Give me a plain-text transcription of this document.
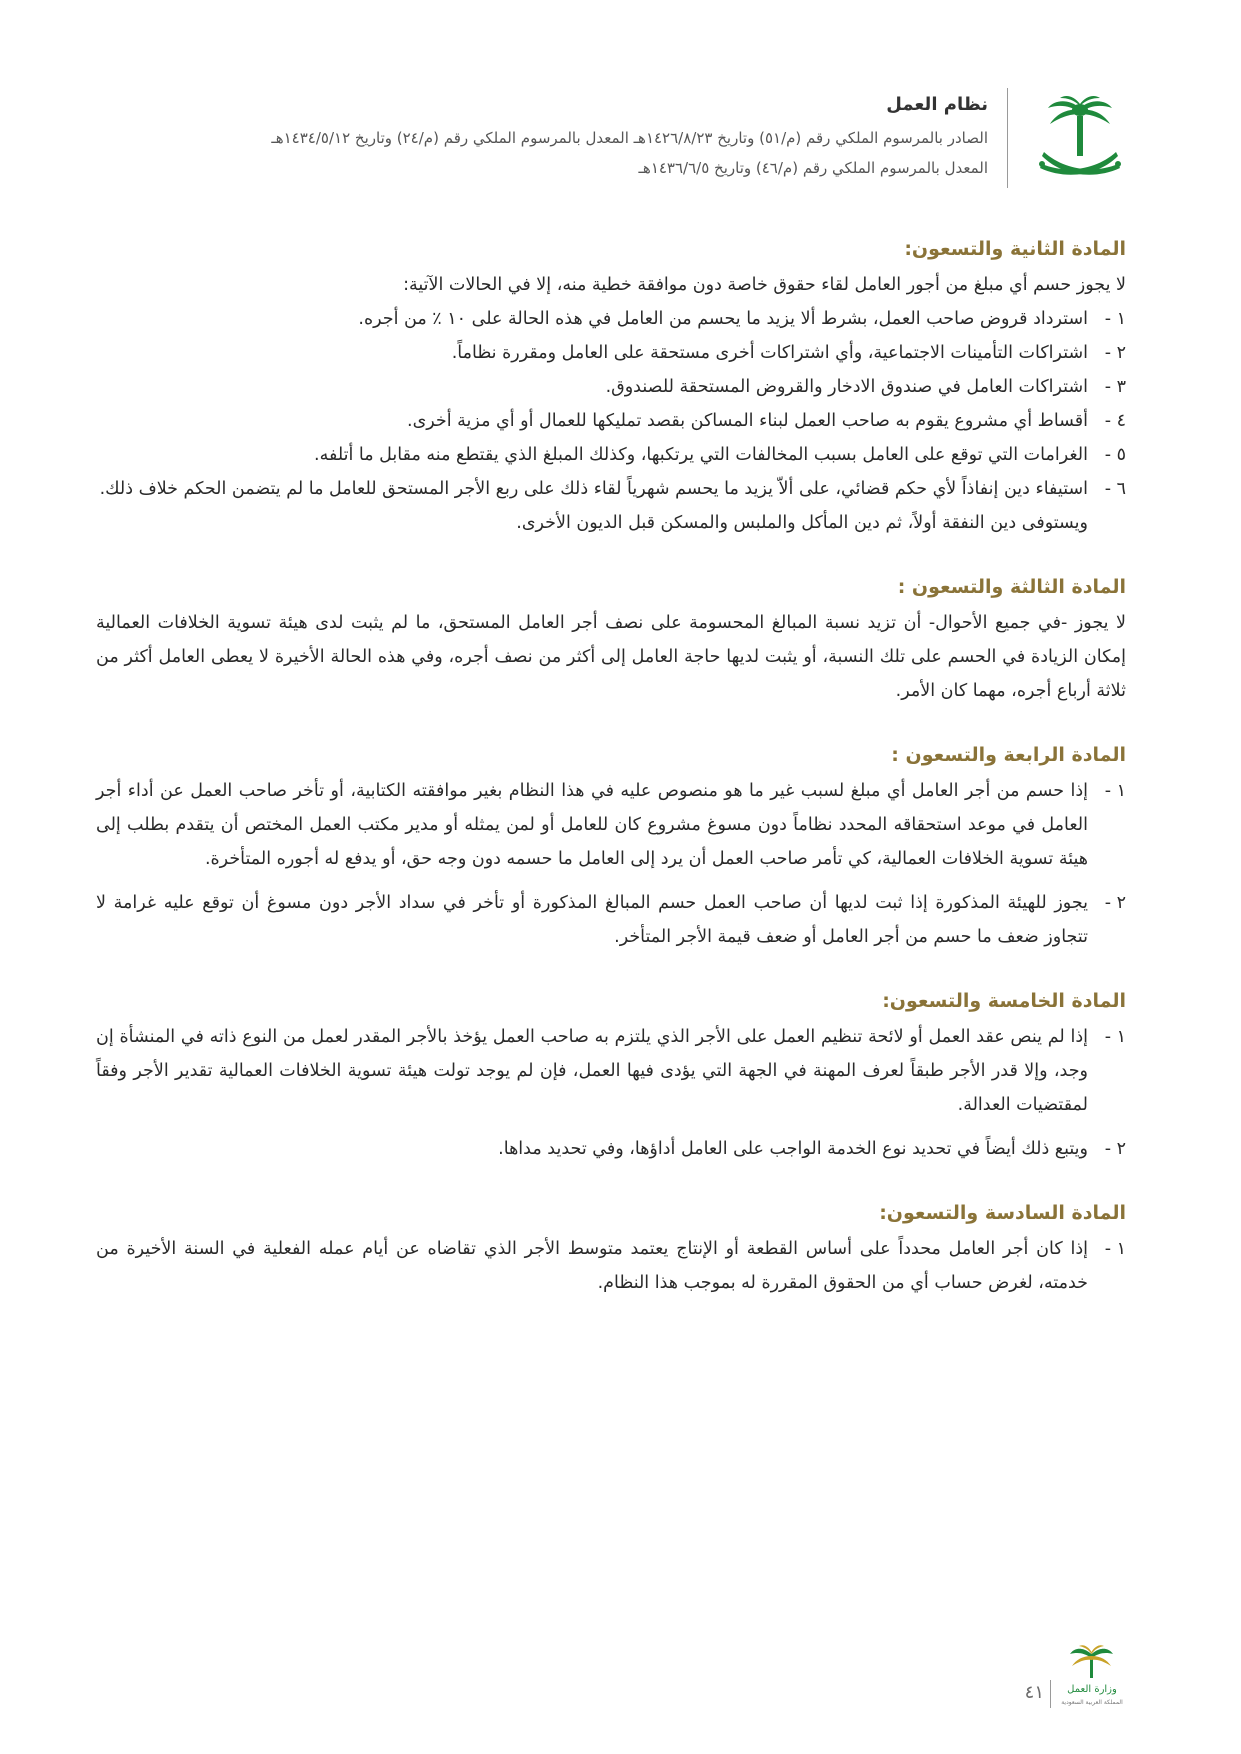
نظام العمل
الصادر بالمرسوم الملكي رقم (م/٥١) وتاريخ ١٤٢٦/٨/٢٣هـ المعدل بالمرسوم الملكي رقم (م/٢٤) وتاريخ ١٤٣٤/٥/١٢هـ
المعدل بالمرسوم الملكي رقم (م/٤٦) وتاريخ ١٤٣٦/٦/٥هـ
المادة الثانية والتسعون:
لا يجوز حسم أي مبلغ من أجور العامل لقاء حقوق خاصة دون موافقة خطية منه، إلا في الحالات الآتية:
١ -
استرداد قروض صاحب العمل، بشرط ألا يزيد ما يحسم من العامل في هذه الحالة على ١٠ ٪ من أجره.
٢ -
اشتراكات التأمينات الاجتماعية، وأي اشتراكات أخرى مستحقة على العامل ومقررة نظاماً.
٣ -
اشتراكات العامل في صندوق الادخار والقروض المستحقة للصندوق.
٤ -
أقساط أي مشروع يقوم به صاحب العمل لبناء المساكن بقصد تمليكها للعمال أو أي مزية أخرى.
٥ -
الغرامات التي توقع على العامل بسبب المخالفات التي يرتكبها، وكذلك المبلغ الذي يقتطع منه مقابل ما أتلفه.
٦ -
استيفاء دين إنفاذاً لأي حكم قضائي، على ألاّ يزيد ما يحسم شهرياً لقاء ذلك على ربع الأجر المستحق للعامل ما لم يتضمن الحكم خلاف ذلك.
ويستوفى دين النفقة أولاً، ثم دين المأكل والملبس والمسكن قبل الديون الأخرى.
المادة الثالثة والتسعون :
لا يجوز -في جميع الأحوال- أن تزيد نسبة المبالغ المحسومة على نصف أجر العامل المستحق، ما لم يثبت لدى هيئة تسوية الخلافات العمالية إمكان الزيادة في الحسم على تلك النسبة، أو يثبت لديها حاجة العامل إلى أكثر من نصف أجره، وفي هذه الحالة الأخيرة لا يعطى العامل أكثر من ثلاثة أرباع أجره، مهما كان الأمر.
المادة الرابعة والتسعون :
١ -
إذا حسم من أجر العامل أي مبلغ لسبب غير ما هو منصوص عليه في هذا النظام بغير موافقته الكتابية، أو تأخر صاحب العمل عن أداء أجر العامل في موعد استحقاقه المحدد نظاماً دون مسوغ مشروع كان للعامل أو لمن يمثله أو مدير مكتب العمل المختص أن يتقدم بطلب إلى هيئة تسوية الخلافات العمالية، كي تأمر صاحب العمل أن يرد إلى العامل ما حسمه دون وجه حق، أو يدفع له أجوره المتأخرة.
٢ -
يجوز للهيئة المذكورة إذا ثبت لديها أن صاحب العمل حسم المبالغ المذكورة أو تأخر في سداد الأجر دون مسوغ أن توقع عليه غرامة لا تتجاوز ضعف ما حسم من أجر العامل أو ضعف قيمة الأجر المتأخر.
المادة الخامسة والتسعون:
١ -
إذا لم ينص عقد العمل أو لائحة تنظيم العمل على الأجر الذي يلتزم به صاحب العمل يؤخذ بالأجر المقدر لعمل من النوع ذاته في المنشأة إن وجد، وإلا قدر الأجر طبقاً لعرف المهنة في الجهة التي يؤدى فيها العمل، فإن لم يوجد تولت هيئة تسوية الخلافات العمالية تقدير الأجر وفقاً لمقتضيات العدالة.
٢ -
ويتبع ذلك أيضاً في تحديد نوع الخدمة الواجب على العامل أداؤها، وفي تحديد مداها.
المادة السادسة والتسعون:
١ -
إذا كان أجر العامل محدداً على أساس القطعة أو الإنتاج يعتمد متوسط الأجر الذي تقاضاه عن أيام عمله الفعلية في السنة الأخيرة من خدمته، لغرض حساب أي من الحقوق المقررة له بموجب هذا النظام.
وزارة العمل
المملكة العربية السعودية
٤١
